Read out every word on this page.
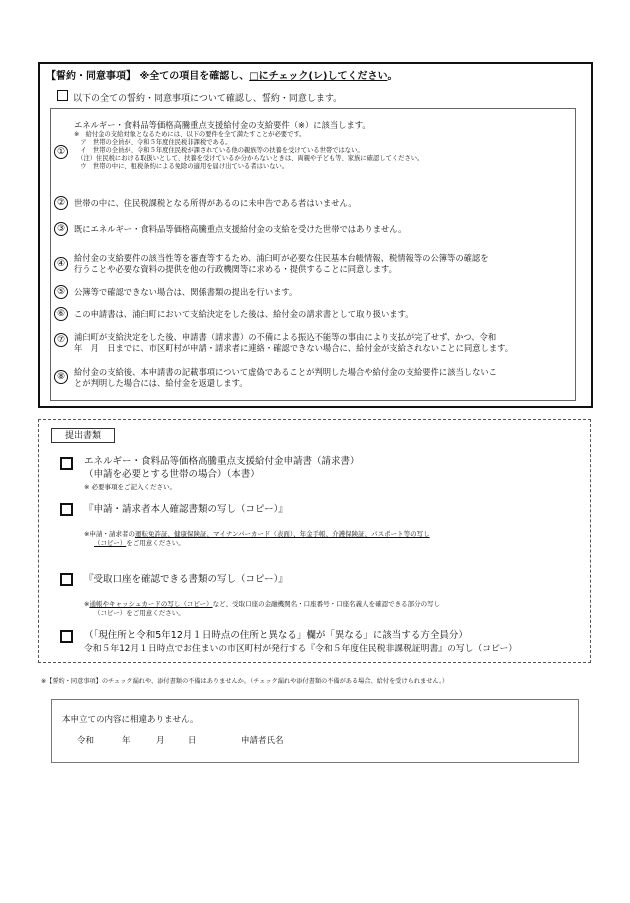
【誓約・同意事項】 ※全ての項目を確認し、□にチェック(レ)してください。
以下の全ての誓約・同意事項について確認し、誓約・同意します。
①
エネルギー・食料品等価格高騰重点支援給付金の支給要件（※）に該当します。
※　給付金の支給対象となるためには、以下の要件を全て満たすことが必要です。
　ア　世帯の全員が、令和５年度住民税非課税である。
　イ　世帯の全員が、令和５年度住民税が課されている他の親族等の扶養を受けている世帯ではない。
　（注）住民税における取扱いとして、扶養を受けているか分からないときは、両親や子ども等、家族に確認してください。
　ウ　世帯の中に、租税条約による免除の適用を届け出ている者はいない。
②	世帯の中に、住民税課税となる所得があるのに未申告である者はいません。
③	既にエネルギー・食料品等価格高騰重点支援給付金の支給を受けた世帯ではありません。
④
給付金の支給要件の該当性等を審査等するため、浦臼町が必要な住民基本台帳情報、税情報等の公簿等の確認を
行うことや必要な資料の提供を他の行政機関等に求める・提供することに同意します。
⑤	公簿等で確認できない場合は、関係書類の提出を行います。
⑥	この申請書は、浦臼町において支給決定をした後は、給付金の請求書として取り扱います。
⑦	浦臼町が支給決定をした後、申請書（請求書）の不備による振込不能等の事由により支払が完了せず、かつ、令和
年　月　日までに、市区町村が申請・請求者に連絡・確認できない場合に、給付金が支給されないことに同意します。
⑧	給付金の支給後、本申請書の記載事項について虚偽であることが判明した場合や給付金の支給要件に該当しないこ
とが判明した場合には、給付金を返還します。
提出書類
エネルギー・食料品等価格高騰重点支援給付金申請書（請求書）
（申請を必要とする世帯の場合）（本書）
※ 必要事項をご記入ください。
『申請・請求者本人確認書類の写し（コピー）』
※申請・請求者の運転免許証、健康保険証、マイナンバーカード（表面）、年金手帳、介護保険証、パスポート等の写し
（コピー）をご用意ください。
『受取口座を確認できる書類の写し（コピー）』
※通帳やキャッシュカードの写し（コピー）など、受取口座の金融機関名・口座番号・口座名義人を確認できる部分の写し
（コピー）をご用意ください。
（「現住所と令和5年12月１日時点の住所と異なる」欄が「異なる」に該当する方全員分）
令和５年12月１日時点でお住まいの市区町村が発行する『令和５年度住民税非課税証明書』の写し（コピー）
※【誓約・同意事項】のチェック漏れや、添付書類の不備はありませんか。（チェック漏れや添付書類の不備がある場合、給付を受けられません。）
本申立ての内容に相違ありません。
令和	年	月	日	申請者氏名
